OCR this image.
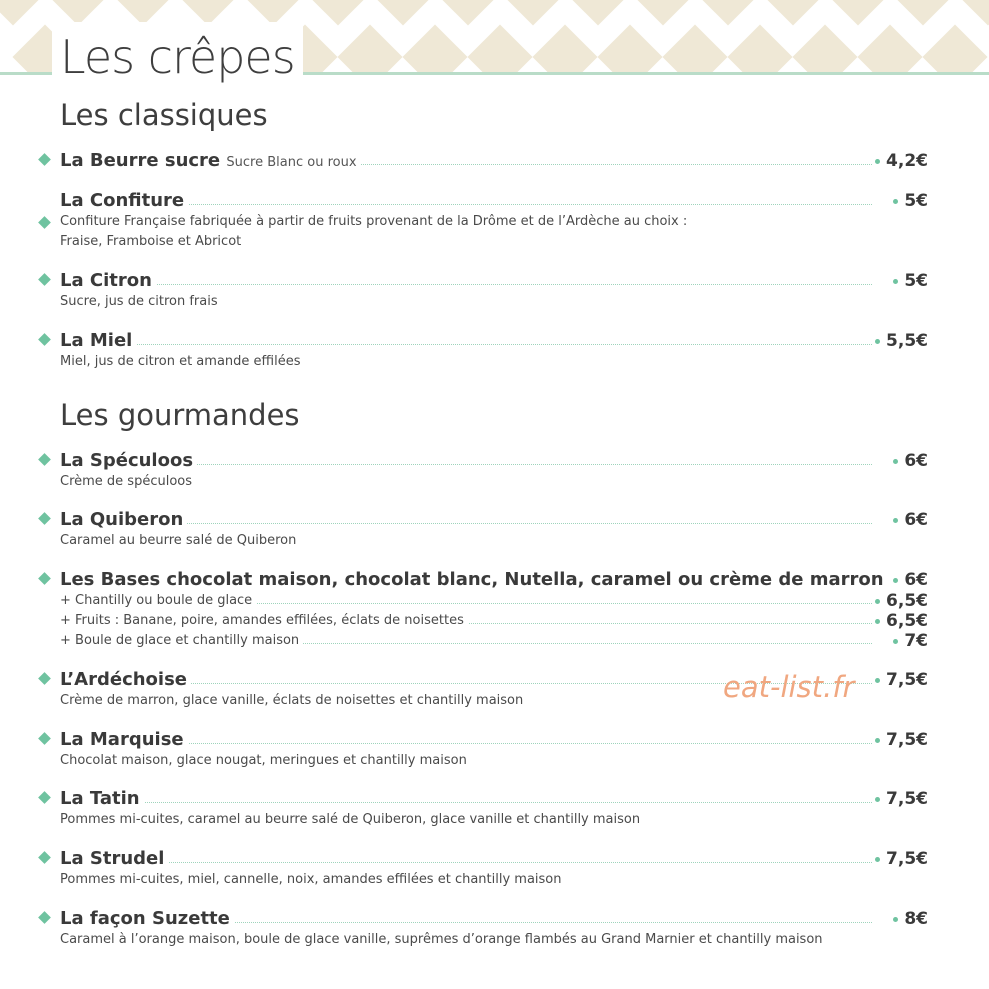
Les crêpes
Les classiques
La Beurre sucre Sucre Blanc ou roux	4,2€
La Confiture	5€
Confiture Française fabriquée à partir de fruits provenant de la Drôme et de l’Ardèche au choix :
Fraise, Framboise et Abricot
La Citron	5€
Sucre, jus de citron frais
La Miel	5,5€
Miel, jus de citron et amande effilées
Les gourmandes
La Spéculoos	6€
Crème de spéculoos
La Quiberon	6€
Caramel au beurre salé de Quiberon
Les Bases chocolat maison, chocolat blanc, Nutella, caramel ou crème de marron	6€
+ Chantilly ou boule de glace	6,5€
+ Fruits : Banane, poire, amandes effilées, éclats de noisettes	6,5€
+ Boule de glace et chantilly maison	7€
L’Ardéchoise	7,5€
Crème de marron, glace vanille, éclats de noisettes et chantilly maison
La Marquise	7,5€
Chocolat maison, glace nougat, meringues et chantilly maison
La Tatin	7,5€
Pommes mi-cuites, caramel au beurre salé de Quiberon, glace vanille et chantilly maison
La Strudel	7,5€
Pommes mi-cuites, miel, cannelle, noix, amandes effilées et chantilly maison
La façon Suzette	8€
Caramel à l’orange maison, boule de glace vanille, suprêmes d’orange flambés au Grand Marnier et chantilly maison
eat-list.fr
